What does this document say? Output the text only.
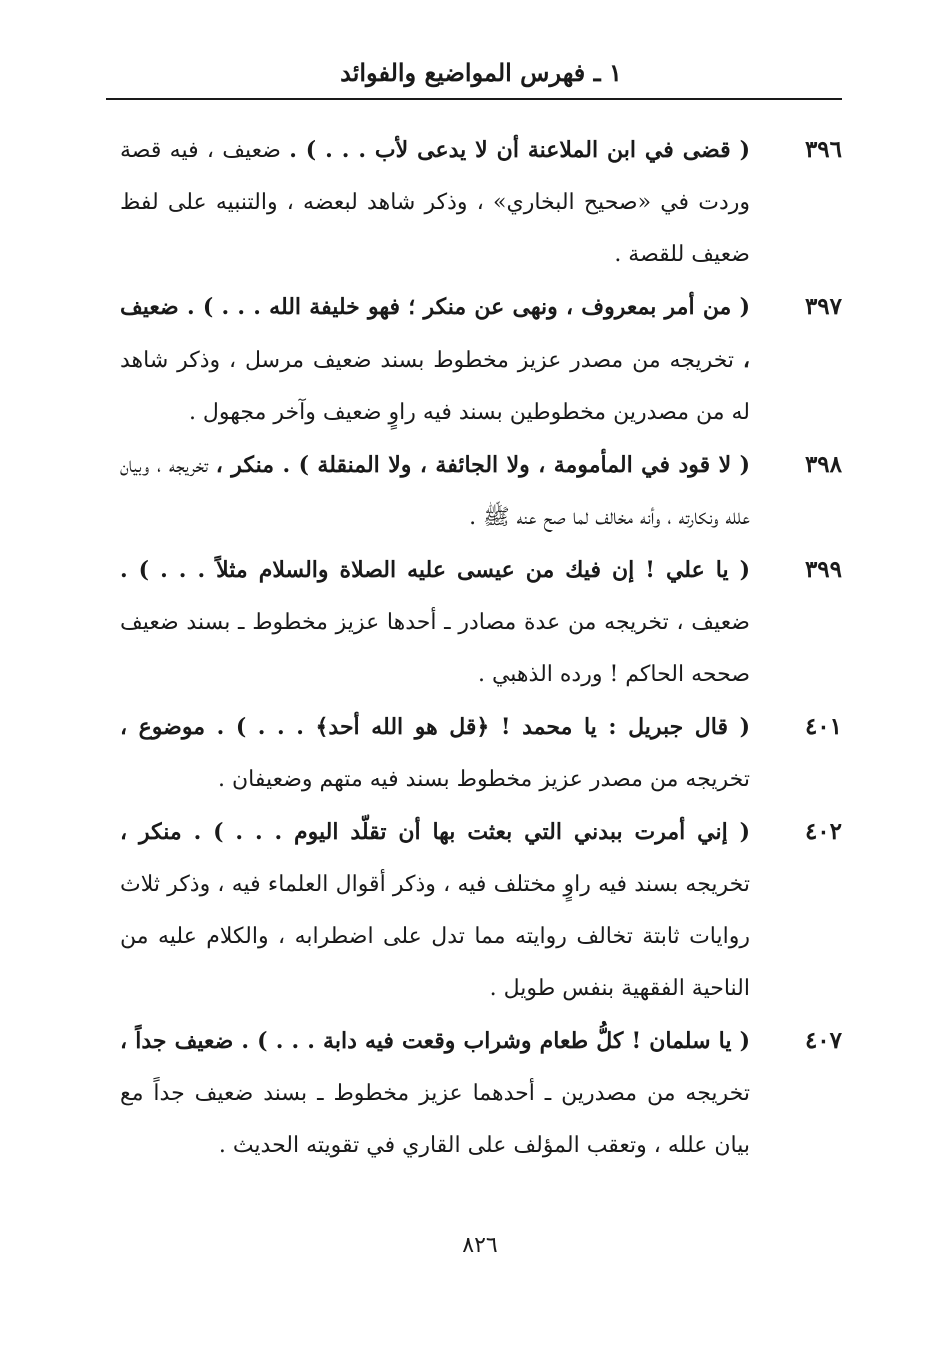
١ ـ فهرس المواضيع والفوائد
٣٩٦
( قضى في ابن الملاعنة أن لا يدعى لأب . . . ) . ضعيف ، فيه قصة وردت في «صحيح البخاري» ، وذكر شاهد لبعضه ، والتنبيه على لفظ ضعيف للقصة .
٣٩٧
( من أمر بمعروف ، ونهى عن منكر ؛ فهو خليفة الله . . . ) . ضعيف ، تخريجه من مصدر عزيز مخطوط بسند ضعيف مرسل ، وذكر شاهد له من مصدرين مخطوطين بسند فيه راوٍ ضعيف وآخر مجهول .
٣٩٨
( لا قود في المأمومة ، ولا الجائفة ، ولا المنقلة ) . منكر ، تخريجه ، وبيان علله ونكارته ، وأنه مخالف لما صح عنه ﷺ .
٣٩٩
( يا علي ! إن فيك من عيسى عليه الصلاة والسلام مثلاً . . . ) . ضعيف ، تخريجه من عدة مصادر ـ أحدها عزيز مخطوط ـ بسند ضعيف صححه الحاكم ! ورده الذهبي .
٤٠١
( قال جبريل : يا محمد ! ﴿قل هو الله أحد﴾ . . . ) . موضوع ، تخريجه من مصدر عزيز مخطوط بسند فيه متهم وضعيفان .
٤٠٢
( إني أمرت ببدني التي بعثت بها أن تقلّد اليوم . . . ) . منكر ، تخريجه بسند فيه راوٍ مختلف فيه ، وذكر أقوال العلماء فيه ، وذكر ثلاث روايات ثابتة تخالف روايته مما تدل على اضطرابه ، والكلام عليه من الناحية الفقهية بنفس طويل .
٤٠٧
( يا سلمان ! كلُّ طعام وشراب وقعت فيه دابة . . . ) . ضعيف جداً ، تخريجه من مصدرين ـ أحدهما عزيز مخطوط ـ بسند ضعيف جداً مع بيان علله ، وتعقب المؤلف على القاري في تقويته الحديث .
٨٢٦
